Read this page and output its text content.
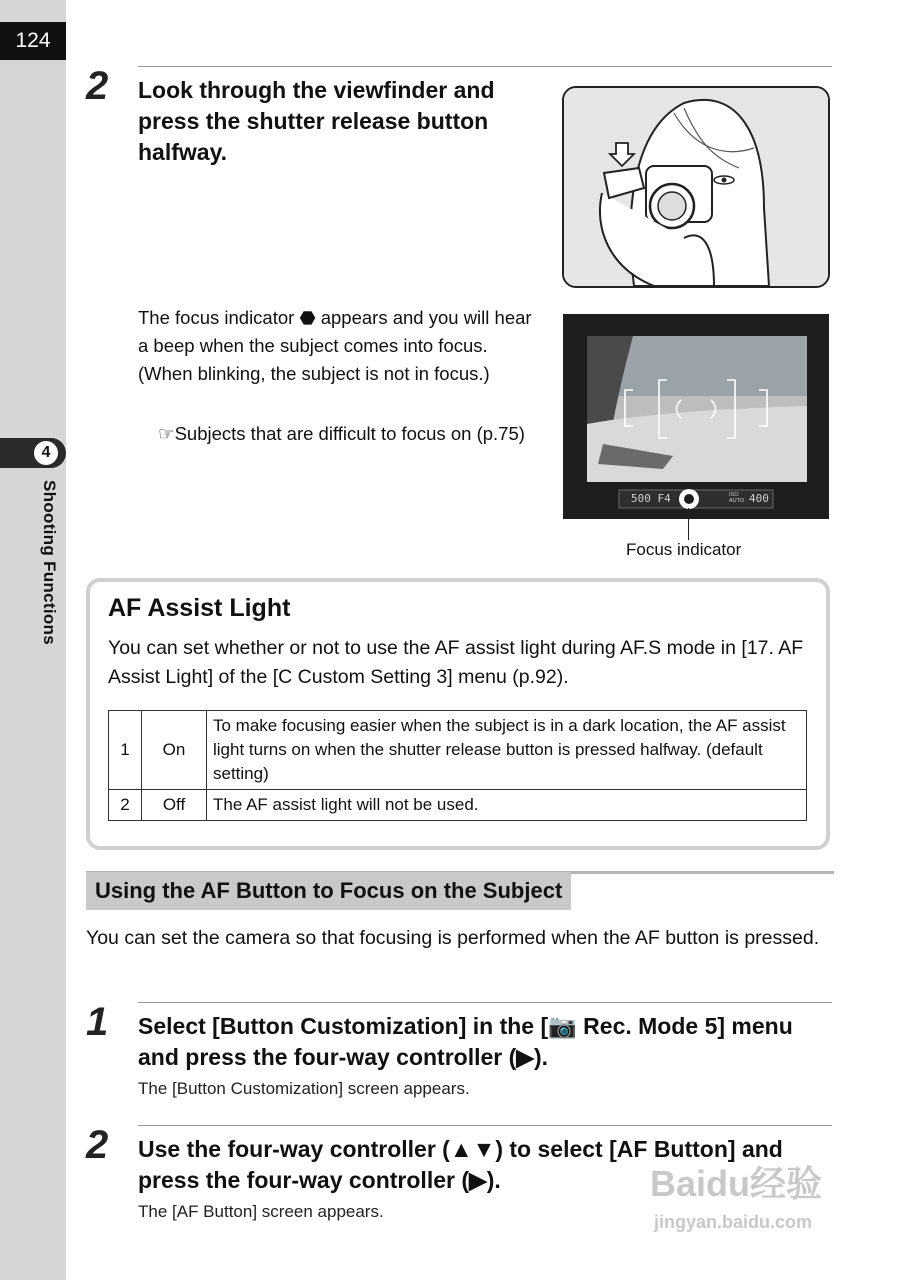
124
4
Shooting Functions
2 Look through the viewfinder and press the shutter release button halfway.
The focus indicator ⬣ appears and you will hear a beep when the subject comes into focus. (When blinking, the subject is not in focus.)
☞Subjects that are difficult to focus on (p.75)
500 F4	ISO AUTO 400
Focus indicator
AF Assist Light
You can set whether or not to use the AF assist light during AF.S mode in [17. AF Assist Light] of the [C Custom Setting 3] menu (p.92).
1	On	To make focusing easier when the subject is in a dark location, the AF assist light turns on when the shutter release button is pressed halfway. (default setting)
2	Off	The AF assist light will not be used.
Using the AF Button to Focus on the Subject
You can set the camera so that focusing is performed when the AF button is pressed.
1 Select [Button Customization] in the [📷 Rec. Mode 5] menu and press the four-way controller (▶).
The [Button Customization] screen appears.
2 Use the four-way controller (▲▼) to select [AF Button] and press the four-way controller (▶).
The [AF Button] screen appears.
Baidu经验
jingyan.baidu.com
